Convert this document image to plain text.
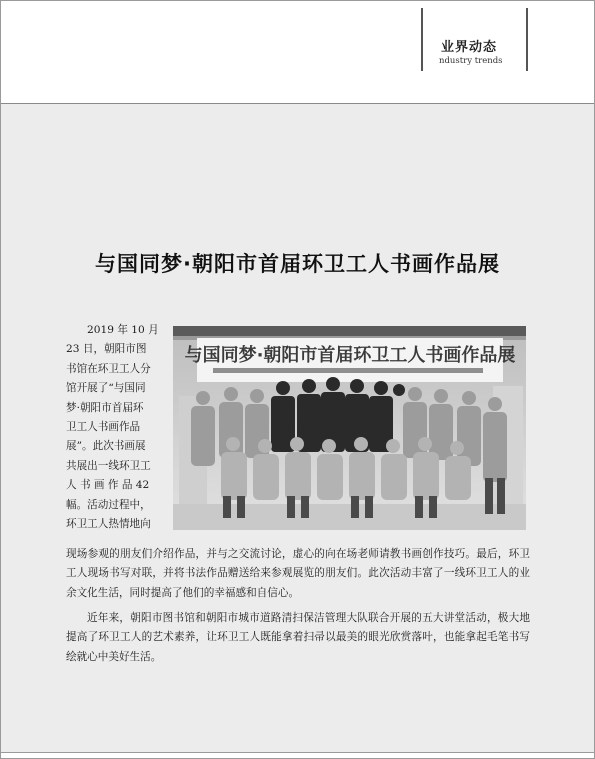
业界动态
ndustry trends
与国同梦·朝阳市首届环卫工人书画作品展
2019 年 10 月
23 日，朝阳市图
书馆在环卫工人分
馆开展了“与国同
梦·朝阳市首届环
卫工人书画作品
展”。此次书画展
共展出一线环卫工
人 书 画 作 品 42
幅。活动过程中，
环卫工人热情地向
现场参观的朋友们介绍作品，并与之交流讨论，虚心的向在场老师请教书画创作技巧。最后，环卫工人现场书写对联，并将书法作品赠送给来参观展览的朋友们。此次活动丰富了一线环卫工人的业余文化生活，同时提高了他们的幸福感和自信心。
近年来，朝阳市图书馆和朝阳市城市道路清扫保洁管理大队联合开展的五大讲堂活动，极大地提高了环卫工人的艺术素养，让环卫工人既能拿着扫帚以最美的眼光欣赏落叶，也能拿起毛笔书写绘就心中美好生活。
与国同梦·朝阳市首届环卫工人书画作品展
